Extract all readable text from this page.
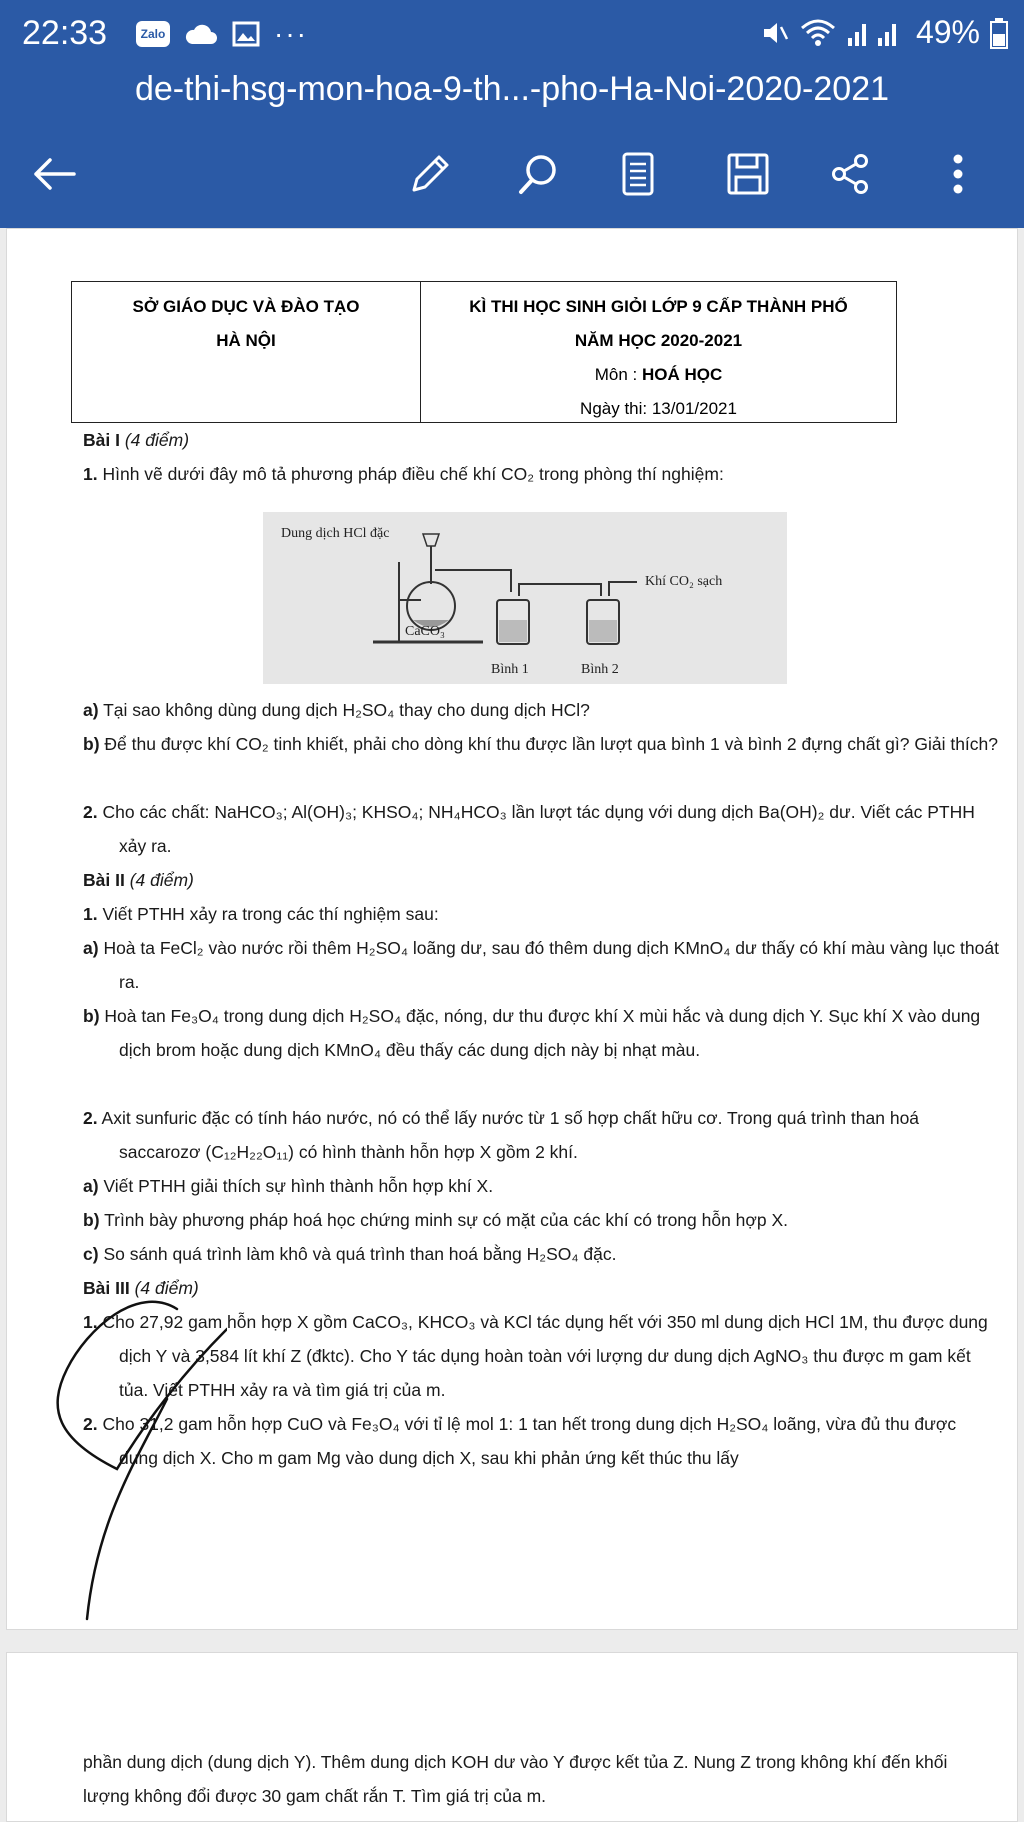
22:33	Zalo	···	49%
de-thi-hsg-mon-hoa-9-th...-pho-Ha-Noi-2020-2021
SỞ GIÁO DỤC VÀ ĐÀO TẠO
HÀ NỘI
KÌ THI HỌC SINH GIỎI LỚP 9 CẤP THÀNH PHỐ
NĂM HỌC 2020-2021
Môn : HOÁ HỌC
Ngày thi: 13/01/2021
Bài I (4 điểm)
1. Hình vẽ dưới đây mô tả phương pháp điều chế khí CO₂ trong phòng thí nghiệm:
Dung dịch HCl đặc
Khí CO₂ sạch
CaCO₃
Bình 1	Bình 2
a) Tại sao không dùng dung dịch H₂SO₄ thay cho dung dịch HCl?
b) Để thu được khí CO₂ tinh khiết, phải cho dòng khí thu được lần lượt qua bình 1 và bình 2 đựng chất gì? Giải thích?
2. Cho các chất: NaHCO₃; Al(OH)₃; KHSO₄; NH₄HCO₃ lần lượt tác dụng với dung dịch Ba(OH)₂ dư. Viết các PTHH xảy ra.
Bài II (4 điểm)
1. Viết PTHH xảy ra trong các thí nghiệm sau:
a) Hoà ta FeCl₂ vào nước rồi thêm H₂SO₄ loãng dư, sau đó thêm dung dịch KMnO₄ dư thấy có khí màu vàng lục thoát ra.
b) Hoà tan Fe₃O₄ trong dung dịch H₂SO₄ đặc, nóng, dư thu được khí X mùi hắc và dung dịch Y. Sục khí X vào dung dịch brom hoặc dung dịch KMnO₄ đều thấy các dung dịch này bị nhạt màu.
2. Axit sunfuric đặc có tính háo nước, nó có thể lấy nước từ 1 số hợp chất hữu cơ. Trong quá trình than hoá saccarozơ (C₁₂H₂₂O₁₁) có hình thành hỗn hợp X gồm 2 khí.
a) Viết PTHH giải thích sự hình thành hỗn hợp khí X.
b) Trình bày phương pháp hoá học chứng minh sự có mặt của các khí có trong hỗn hợp X.
c) So sánh quá trình làm khô và quá trình than hoá bằng H₂SO₄ đặc.
Bài III (4 điểm)
1. Cho 27,92 gam hỗn hợp X gồm CaCO₃, KHCO₃ và KCl tác dụng hết với 350 ml dung dịch HCl 1M, thu được dung dịch Y và 3,584 lít khí Z (đktc). Cho Y tác dụng hoàn toàn với lượng dư dung dịch AgNO₃ thu được m gam kết tủa. Viết PTHH xảy ra và tìm giá trị của m.
2. Cho 31,2 gam hỗn hợp CuO và Fe₃O₄ với tỉ lệ mol 1: 1 tan hết trong dung dịch H₂SO₄ loãng, vừa đủ thu được dung dịch X. Cho m gam Mg vào dung dịch X, sau khi phản ứng kết thúc thu lấy
phần dung dịch (dung dịch Y). Thêm dung dịch KOH dư vào Y được kết tủa Z. Nung Z trong không khí đến khối lượng không đổi được 30 gam chất rắn T. Tìm giá trị của m.
